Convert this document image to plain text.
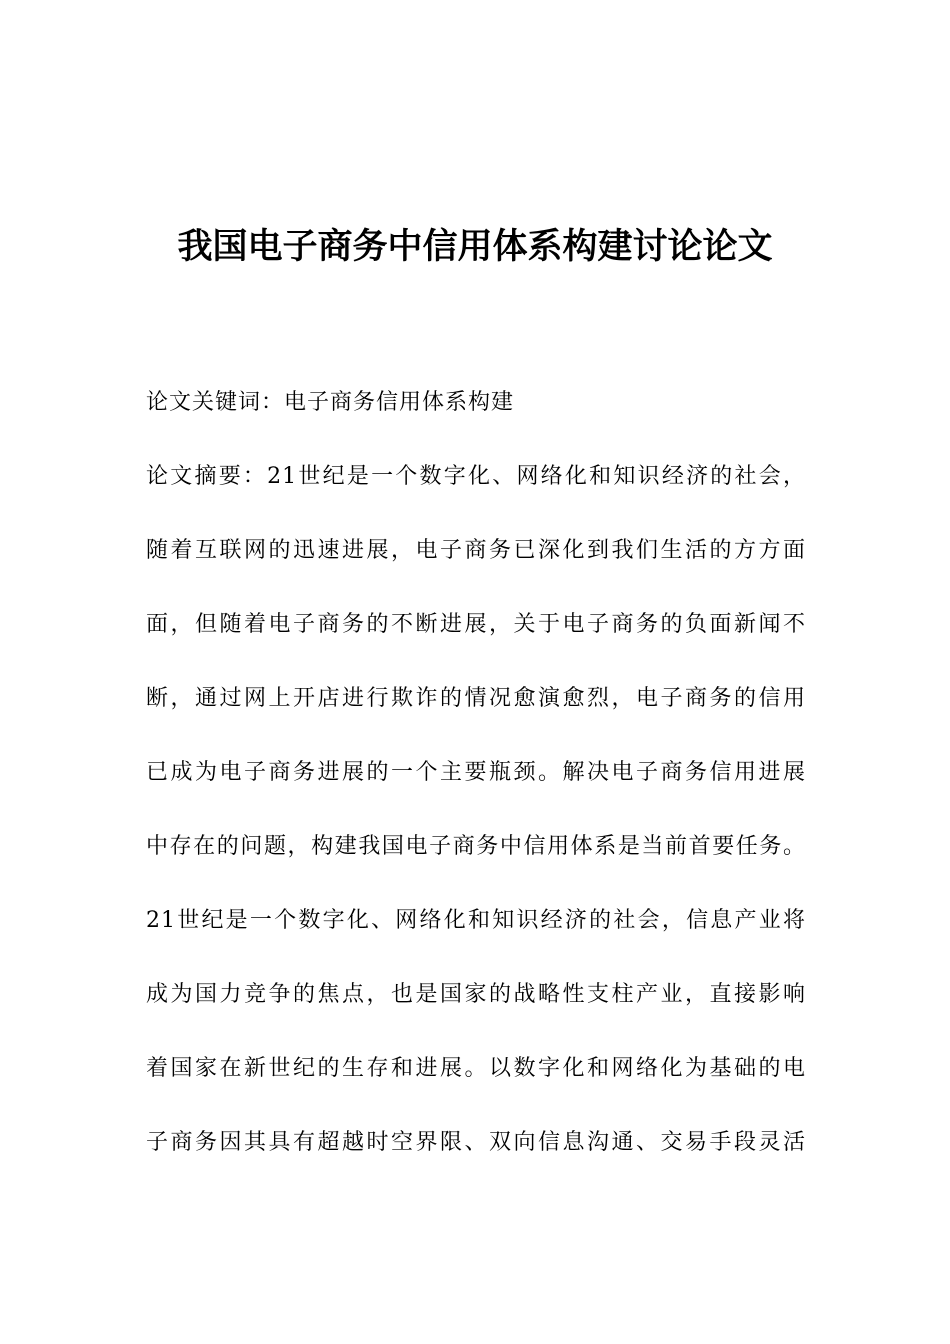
我国电子商务中信用体系构建讨论论文

论文关键词：电子商务信用体系构建

论文摘要：21世纪是一个数字化、网络化和知识经济的社会，
随着互联网的迅速进展，电子商务已深化到我们生活的方方面
面，但随着电子商务的不断进展，关于电子商务的负面新闻不
断，通过网上开店进行欺诈的情况愈演愈烈，电子商务的信用
已成为电子商务进展的一个主要瓶颈。解决电子商务信用进展
中存在的问题，构建我国电子商务中信用体系是当前首要任务。

21世纪是一个数字化、网络化和知识经济的社会，信息产业将
成为国力竞争的焦点，也是国家的战略性支柱产业，直接影响
着国家在新世纪的生存和进展。以数字化和网络化为基础的电
子商务因其具有超越时空界限、双向信息沟通、交易手段灵活
